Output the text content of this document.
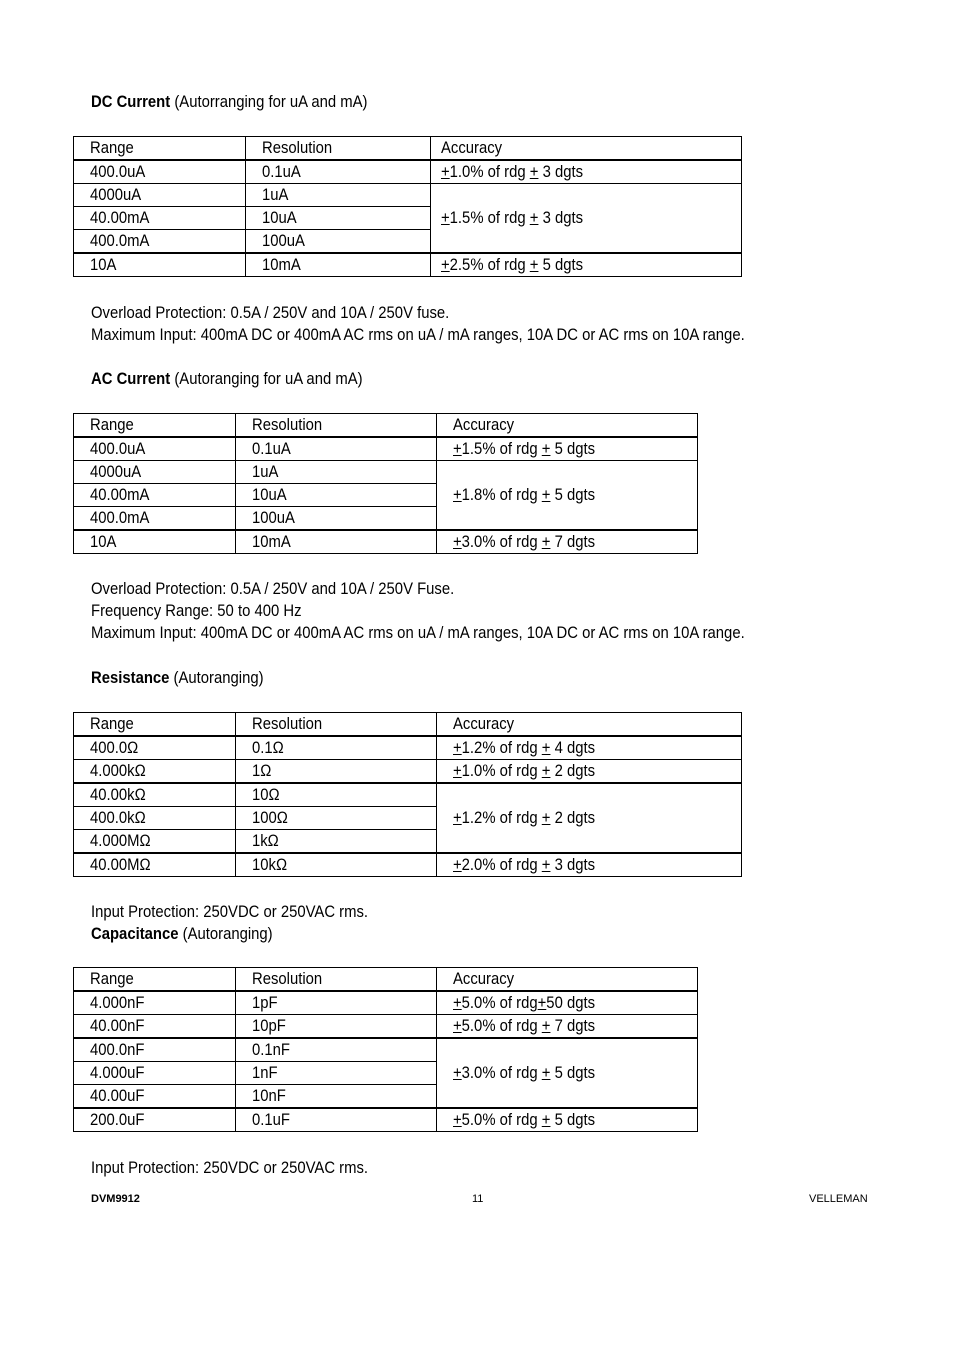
DC Current (Autorranging for uA and mA)
Range	Resolution	Accuracy
400.0uA	0.1uA	+1.0% of rdg + 3 dgts
4000uA	1uA	+1.5% of rdg + 3 dgts
40.00mA	10uA	
400.0mA	100uA	
10A	10mA	+2.5% of rdg + 5 dgts
Overload Protection: 0.5A / 250V and 10A / 250V fuse.
Maximum Input: 400mA DC or 400mA AC rms on uA / mA ranges, 10A DC or AC rms on 10A range.
AC Current (Autoranging for uA and mA)
Range	Resolution	Accuracy
400.0uA	0.1uA	+1.5% of rdg + 5 dgts
4000uA	1uA	+1.8% of rdg + 5 dgts
40.00mA	10uA	
400.0mA	100uA	
10A	10mA	+3.0% of rdg + 7 dgts
Overload Protection: 0.5A / 250V and 10A / 250V Fuse.
Frequency Range: 50 to 400 Hz
Maximum Input: 400mA DC or 400mA AC rms on uA / mA ranges, 10A DC or AC rms on 10A range.
Resistance (Autoranging)
Range	Resolution	Accuracy
400.0Ω	0.1Ω	+1.2% of rdg + 4 dgts
4.000kΩ	1Ω	+1.0% of rdg + 2 dgts
40.00kΩ	10Ω	+1.2% of rdg + 2 dgts
400.0kΩ	100Ω	
4.000MΩ	1kΩ	
40.00MΩ	10kΩ	+2.0% of rdg + 3 dgts
Input Protection: 250VDC or 250VAC rms.
Capacitance (Autoranging)
Range	Resolution	Accuracy
4.000nF	1pF	+5.0% of rdg+50 dgts
40.00nF	10pF	+5.0% of rdg + 7 dgts
400.0nF	0.1nF	+3.0% of rdg + 5 dgts
4.000uF	1nF	
40.00uF	10nF	
200.0uF	0.1uF	+5.0% of rdg + 5 dgts
Input Protection: 250VDC or 250VAC rms.
DVM9912	11	VELLEMAN
